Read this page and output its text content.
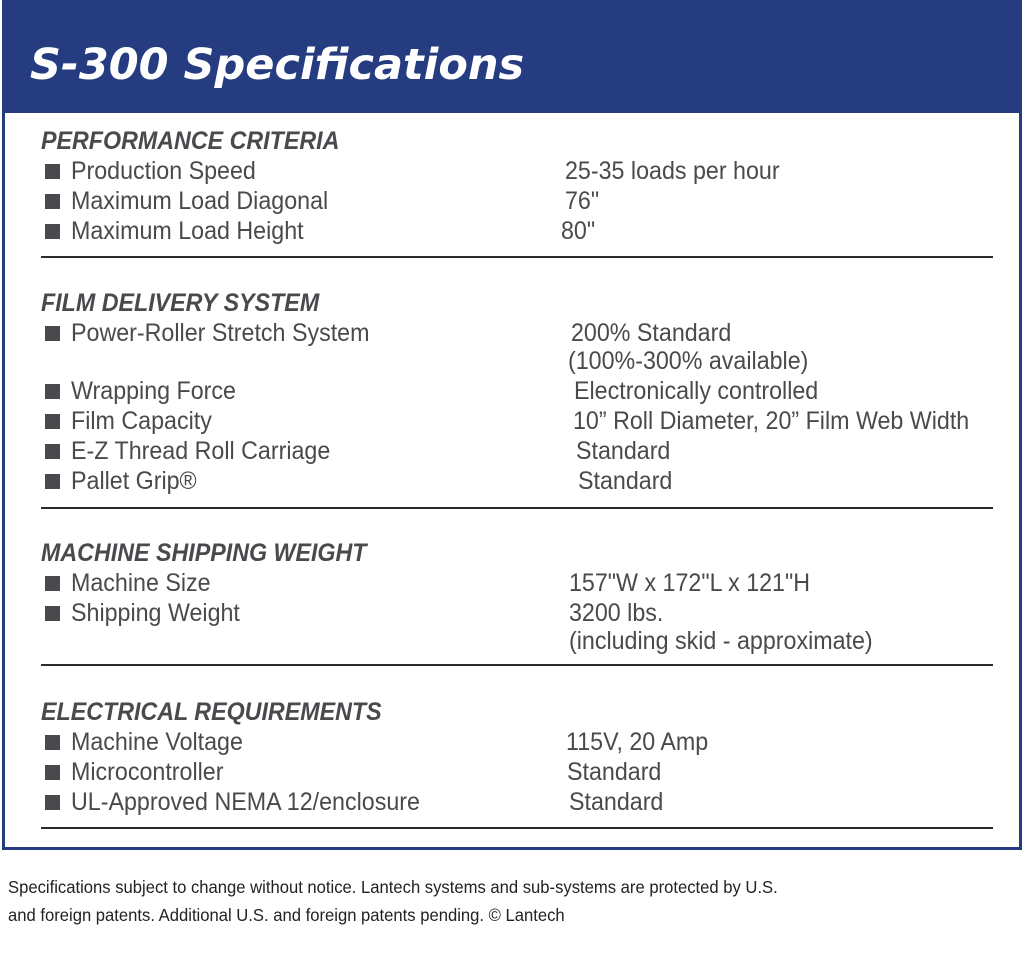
S-300 Specifications
PERFORMANCE CRITERIA
Production Speed	25-35 loads per hour
Maximum Load Diagonal	76"
Maximum Load Height	80"
FILM DELIVERY SYSTEM
Power-Roller Stretch System	200% Standard
(100%-300% available)
Wrapping Force	Electronically controlled
Film Capacity	10” Roll Diameter, 20” Film Web Width
E-Z Thread Roll Carriage	Standard
Pallet Grip®	Standard
MACHINE SHIPPING WEIGHT
Machine Size	157"W x 172"L x 121"H
Shipping Weight	3200 lbs.
(including skid - approximate)
ELECTRICAL REQUIREMENTS
Machine Voltage	115V, 20 Amp
Microcontroller	Standard
UL-Approved NEMA 12/enclosure	Standard
Specifications subject to change without notice. Lantech systems and sub-systems are protected by U.S.
and foreign patents. Additional U.S. and foreign patents pending. © Lantech
